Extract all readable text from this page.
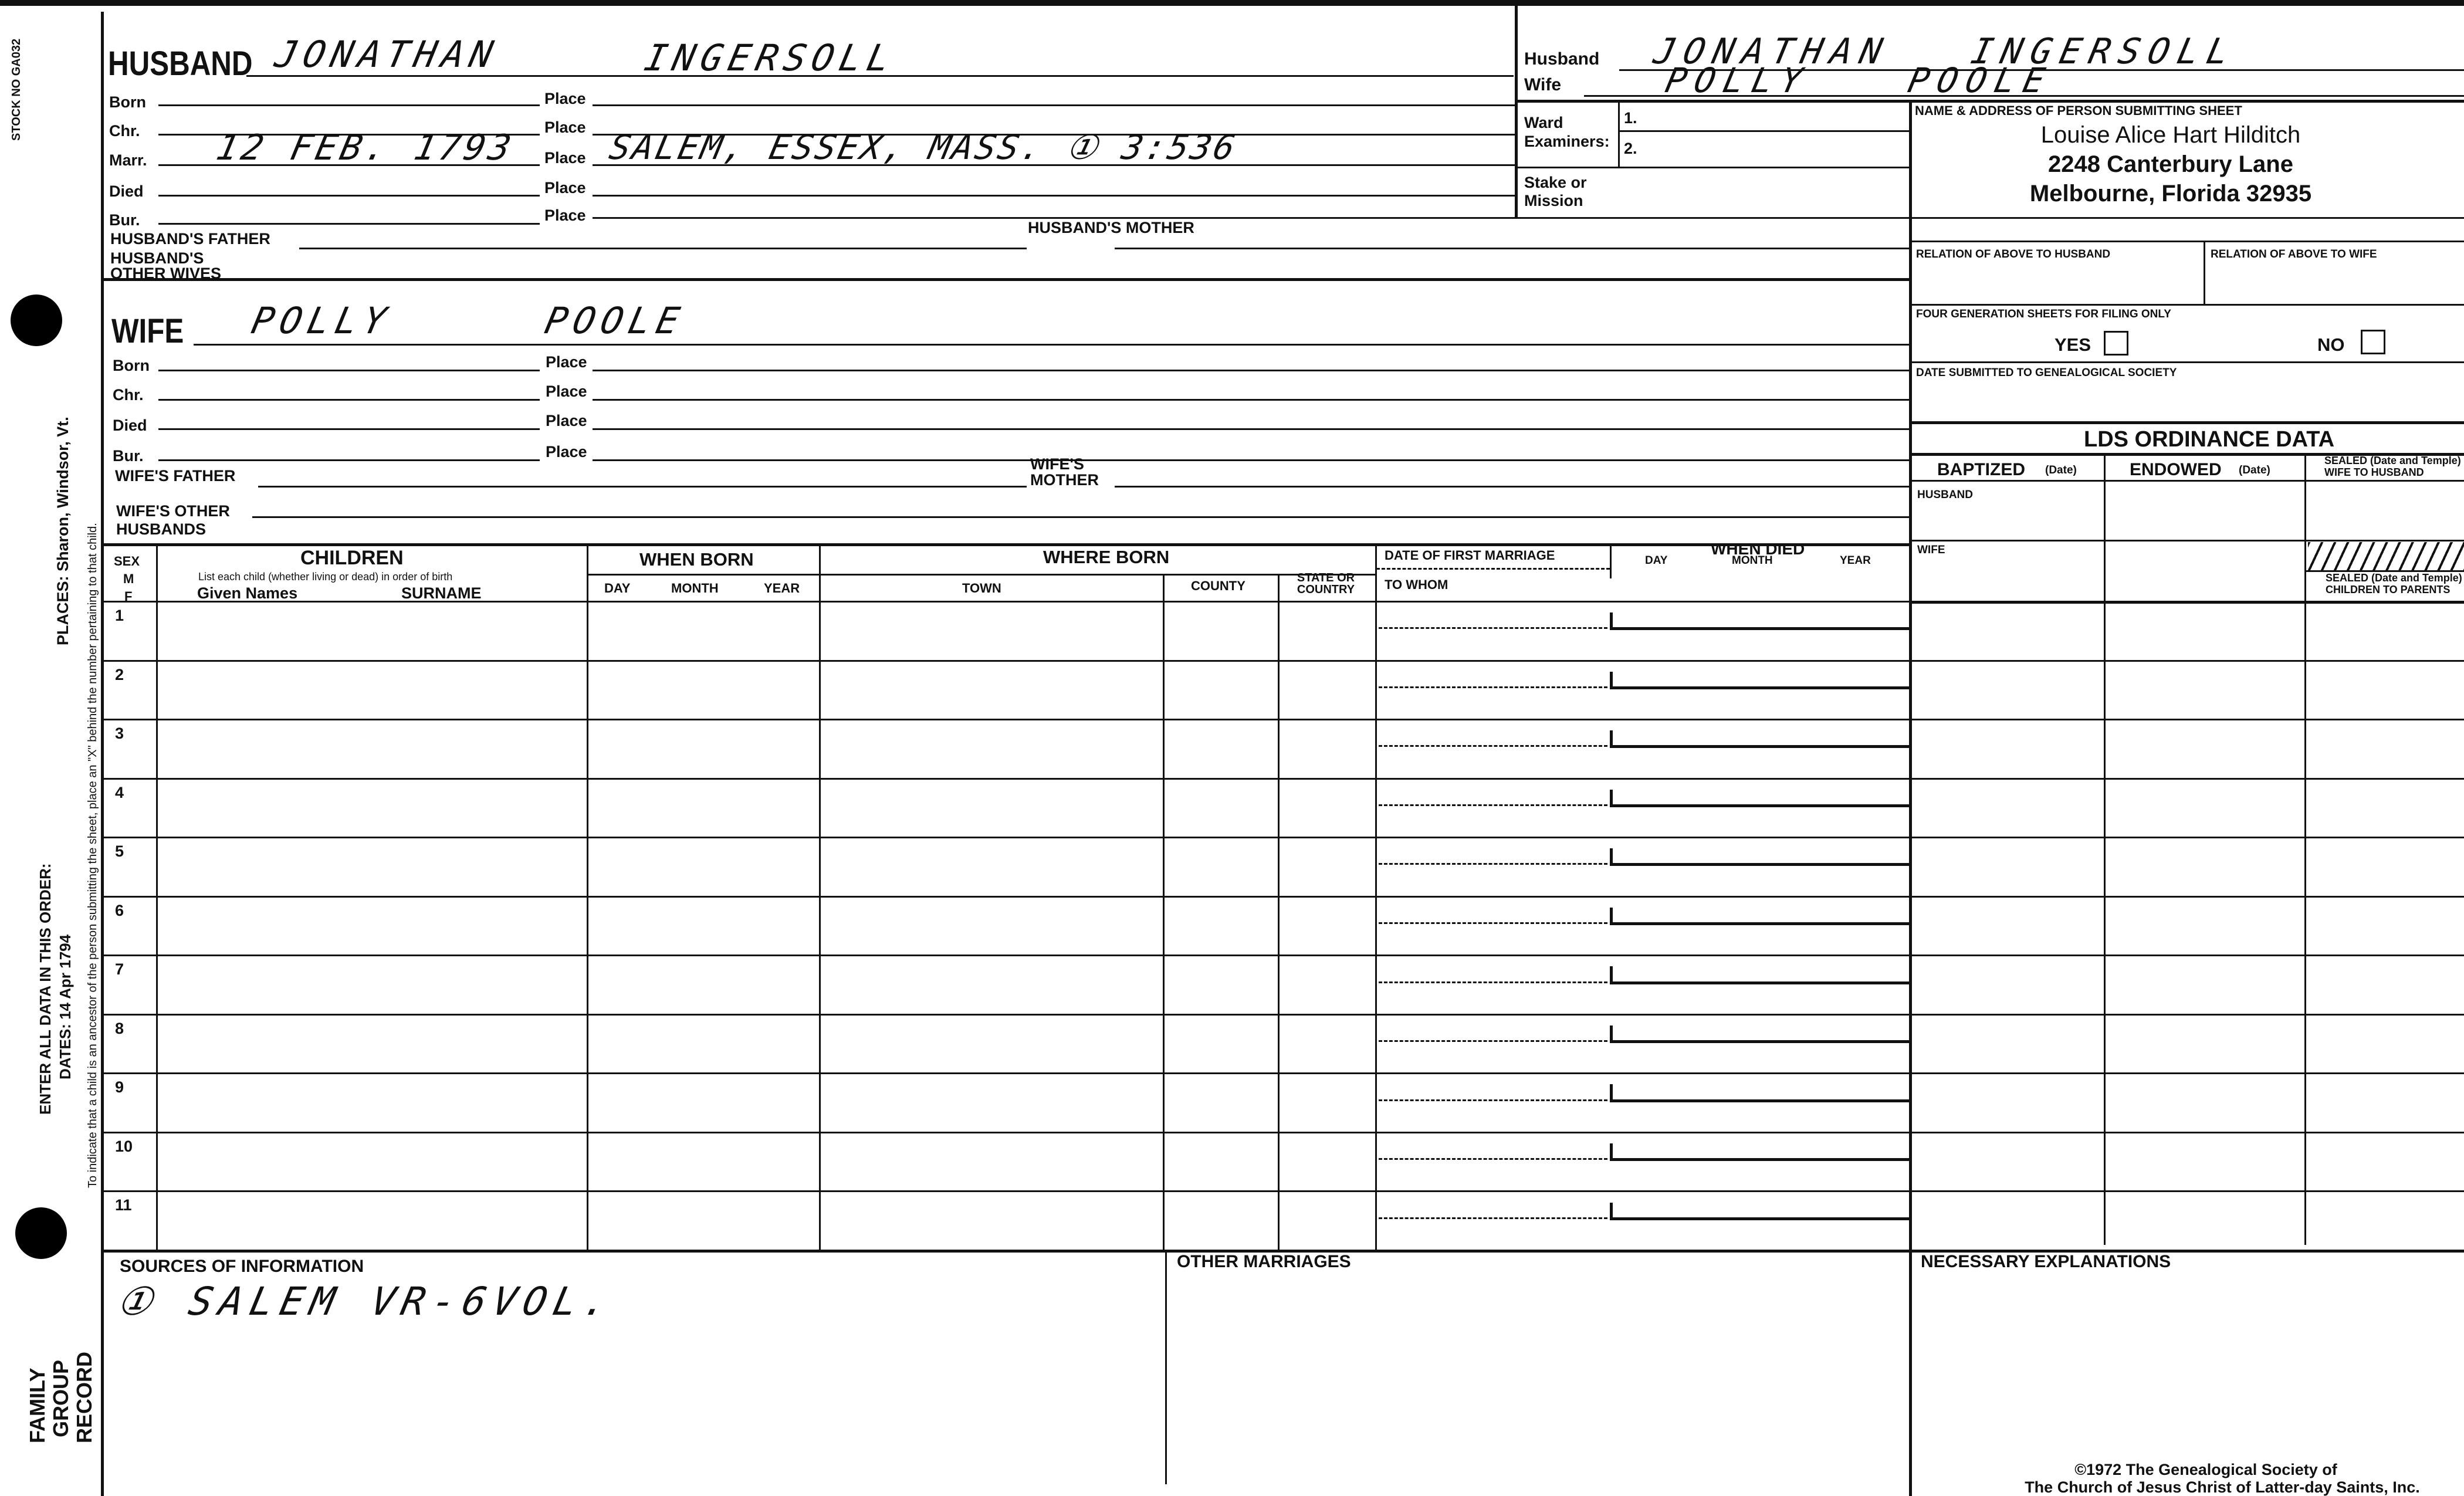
STOCK NO GA032
PLACES: Sharon, Windsor, Vt. To indicate that a child is an ancestor of the person submitting the sheet, place an "X" behind the number pertaining to that child.
ENTER ALL DATA IN THIS ORDER: DATES: 14 Apr 1794
FAMILY GROUP RECORD
HUSBAND JONATHAN	INGERSOLL
Born	Place
Chr.	Place
Marr. 12 FEB. 1793 Place SALEM, ESSEX, MASS. ① 3:536
Died	Place
Bur.	Place
HUSBAND'S FATHER
HUSBAND'S MOTHER
HUSBAND'S OTHER WIVES
WIFE POLLY	POOLE
Born	Place
Chr.	Place
Died	Place
Bur.	Place
WIFE'S FATHER
WIFE'S MOTHER
WIFE'S OTHER HUSBANDS
Husband JONATHAN INGERSOLL
Wife	POLLY POOLE
Ward
Examiners:
1.
2.
Stake or Mission
NAME & ADDRESS OF PERSON SUBMITTING SHEET
Louise Alice Hart Hilditch
2248 Canterbury Lane
Melbourne, Florida 32935
RELATION OF ABOVE TO HUSBAND	RELATION OF ABOVE TO WIFE
FOUR GENERATION SHEETS FOR FILING ONLY
YES	NO
DATE SUBMITTED TO GENEALOGICAL SOCIETY
LDS ORDINANCE DATA
BAPTIZED (Date)	ENDOWED (Date)
SEALED (Date and Temple) WIFE TO HUSBAND
HUSBAND
WIFE
SEALED (Date and Temple) CHILDREN TO PARENTS
SEX
M
F
CHILDREN
List each child (whether living or dead) in order of birth
Given Names	SURNAME
WHEN BORN
DAY	MONTH	YEAR
WHERE BORN
TOWN	COUNTY
STATE OR COUNTRY
DATE OF FIRST MARRIAGE
TO WHOM
WHEN DIED
DAY	MONTH	YEAR
1
2
3
4
5
6
7
8
9
10
11
SOURCES OF INFORMATION
① SALEM VR-6VOL.
OTHER MARRIAGES	NECESSARY EXPLANATIONS
©1972 The Genealogical Society of
The Church of Jesus Christ of Latter-day Saints, Inc.
